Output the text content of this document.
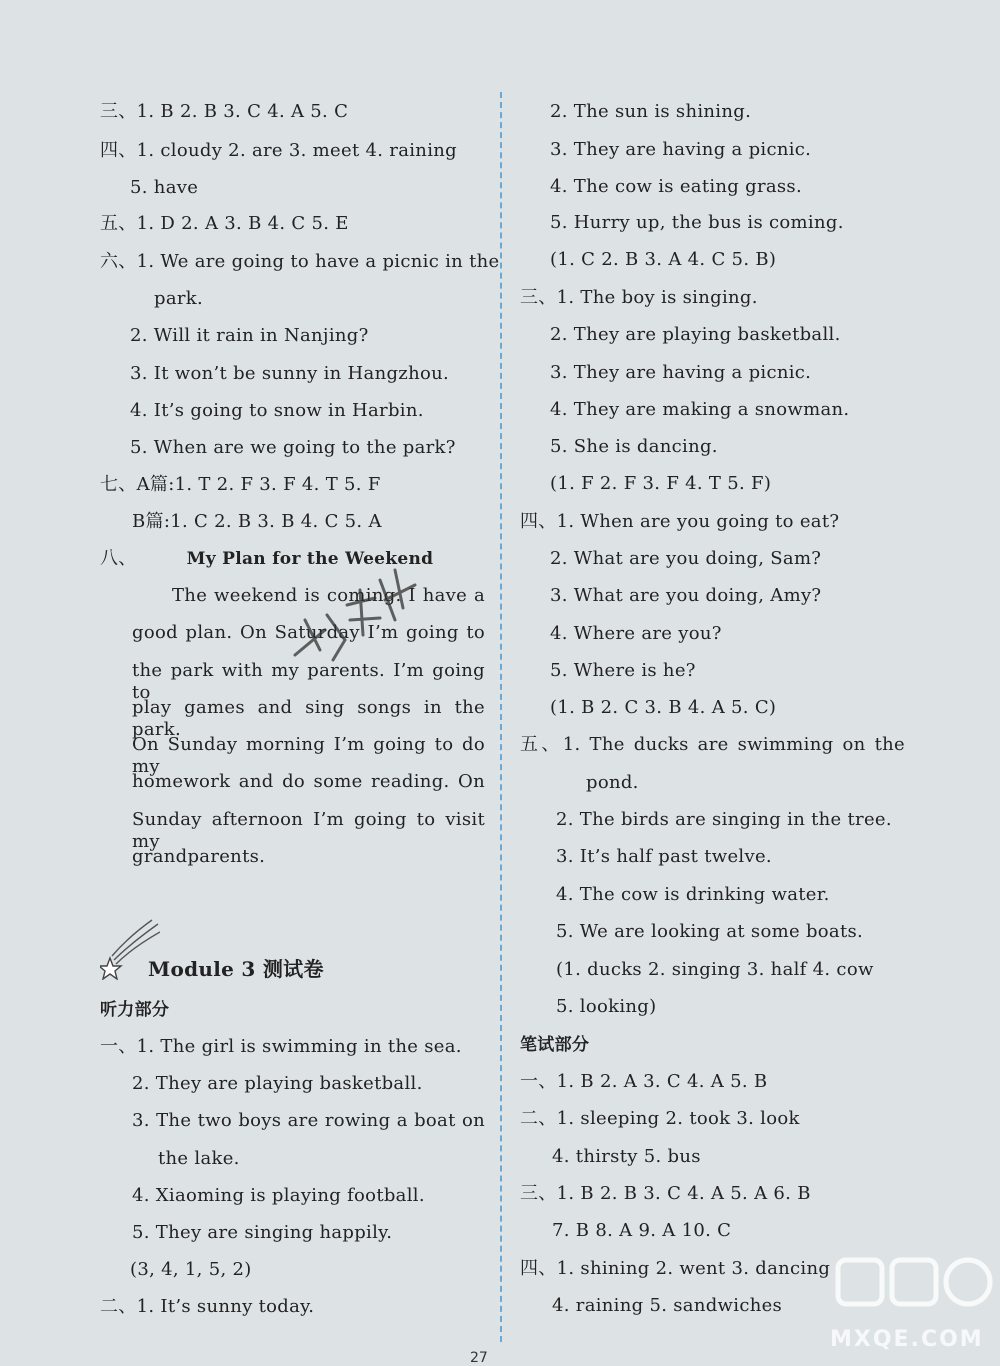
三、1. B 2. B 3. C 4. A 5. C
四、1. cloudy 2. are 3. meet 4. raining
5. have
五、1. D 2. A 3. B 4. C 5. E
六、1. We are going to have a picnic in the
park.
2. Will it rain in Nanjing?
3. It won’t be sunny in Hangzhou.
4. It’s going to snow in Harbin.
5. When are we going to the park?
七、A篇:1. T 2. F 3. F 4. T 5. F
B篇:1. C 2. B 3. B 4. C 5. A
八、	My Plan for the Weekend
The weekend is coming. I have a
good plan. On Saturday I’m going to
the park with my parents. I’m going to
play games and sing songs in the park.
On Sunday morning I’m going to do my
homework and do some reading. On
Sunday afternoon I’m going to visit my
grandparents.
Module 3 测试卷
听力部分
一、1. The girl is swimming in the sea.
2. They are playing basketball.
3. The two boys are rowing a boat on
the lake.
4. Xiaoming is playing football.
5. They are singing happily.
(3, 4, 1, 5, 2)
二、1. It’s sunny today.
2. The sun is shining.
3. They are having a picnic.
4. The cow is eating grass.
5. Hurry up, the bus is coming.
(1. C 2. B 3. A 4. C 5. B)
三、1. The boy is singing.
2. They are playing basketball.
3. They are having a picnic.
4. They are making a snowman.
5. She is dancing.
(1. F 2. F 3. F 4. T 5. F)
四、1. When are you going to eat?
2. What are you doing, Sam?
3. What are you doing, Amy?
4. Where are you?
5. Where is he?
(1. B 2. C 3. B 4. A 5. C)
五、1. The ducks are swimming on the
pond.
2. The birds are singing in the tree.
3. It’s half past twelve.
4. The cow is drinking water.
5. We are looking at some boats.
(1. ducks 2. singing 3. half 4. cow
5. looking)
笔试部分
一、1. B 2. A 3. C 4. A 5. B
二、1. sleeping 2. took 3. look
4. thirsty 5. bus
三、1. B 2. B 3. C 4. A 5. A 6. B
7. B 8. A 9. A 10. C
四、1. shining 2. went 3. dancing
4. raining 5. sandwiches
MXQE.COM
27
